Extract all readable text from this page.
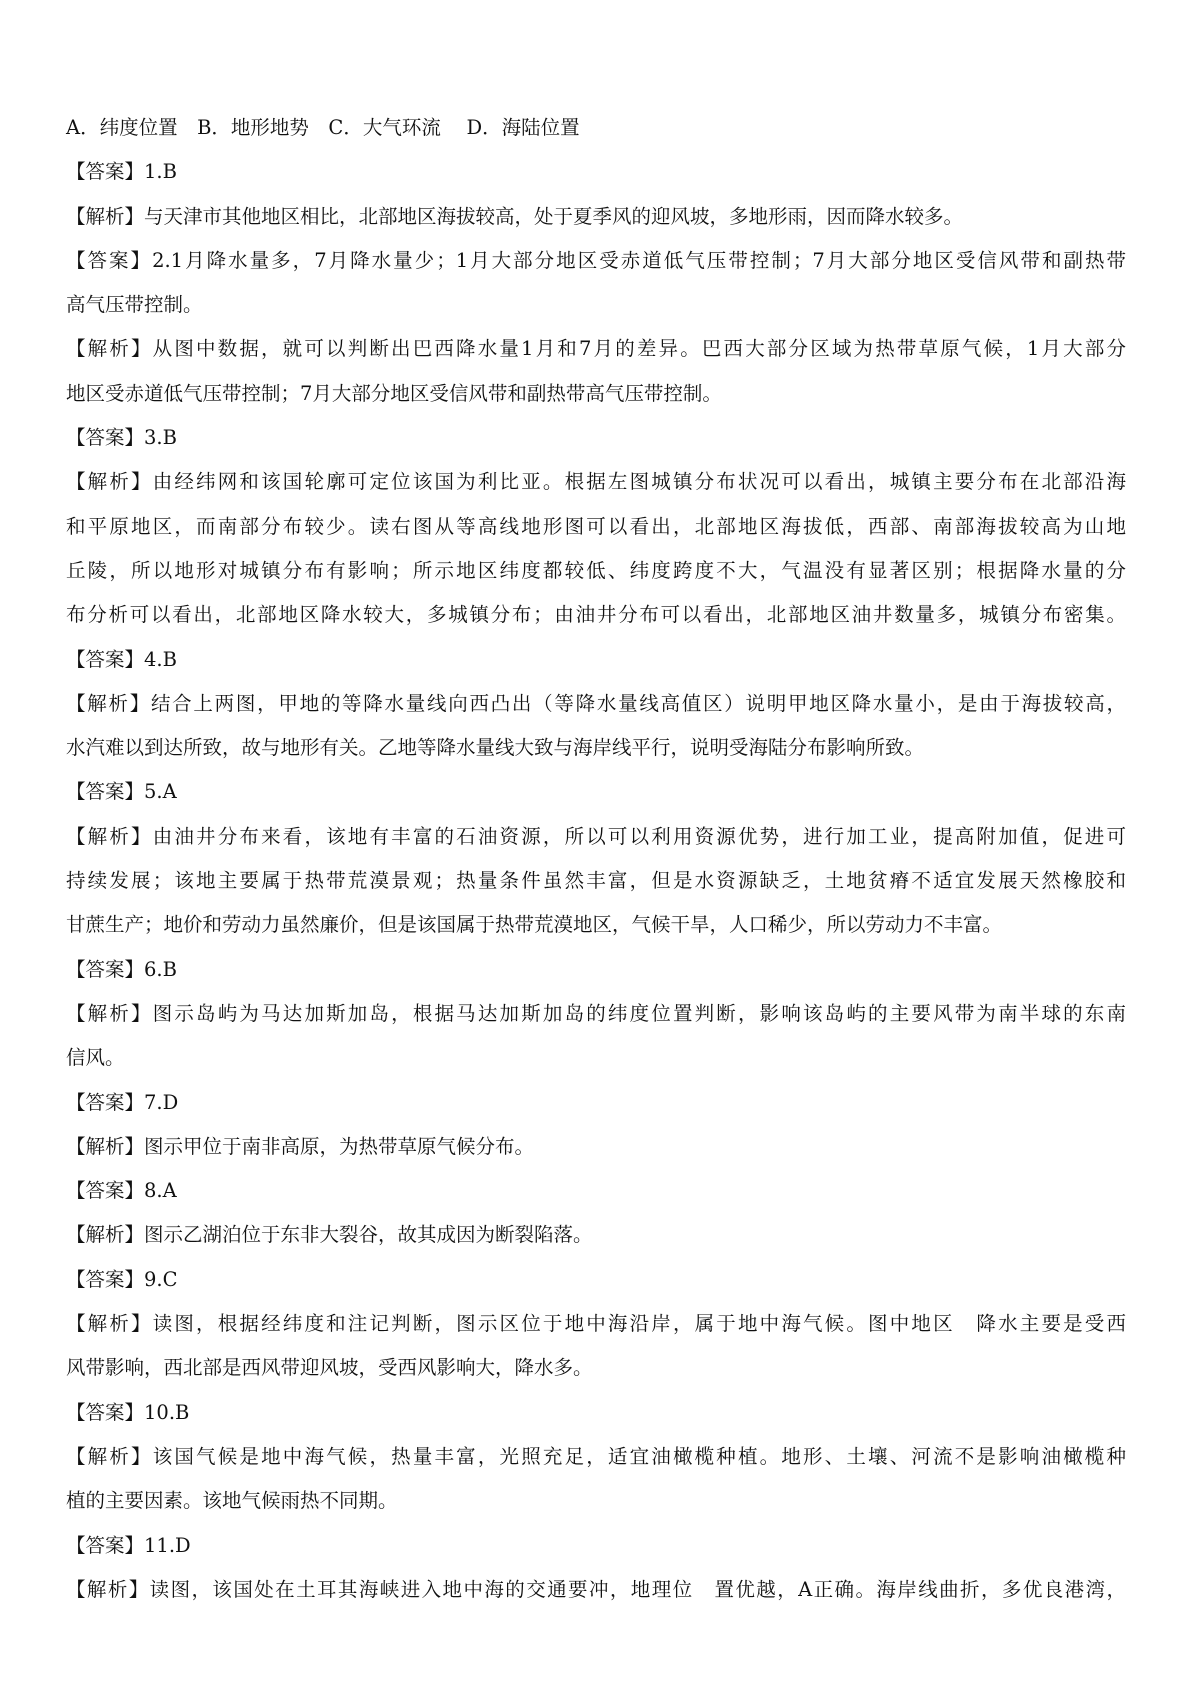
A．纬度位置　B．地形地势　C．大气环流　 D．海陆位置
【答案】1.B
【解析】与天津市其他地区相比，北部地区海拔较高，处于夏季风的迎风坡，多地形雨，因而降水较多。
【答案】2.1月降水量多，7月降水量少；1月大部分地区受赤道低气压带控制；7月大部分地区受信风带和副热带
高气压带控制。
【解析】从图中数据，就可以判断出巴西降水量1月和7月的差异。巴西大部分区域为热带草原气候，1月大部分
地区受赤道低气压带控制；7月大部分地区受信风带和副热带高气压带控制。
【答案】3.B
【解析】由经纬网和该国轮廓可定位该国为利比亚。根据左图城镇分布状况可以看出，城镇主要分布在北部沿海
和平原地区，而南部分布较少。读右图从等高线地形图可以看出，北部地区海拔低，西部、南部海拔较高为山地
丘陵，所以地形对城镇分布有影响；所示地区纬度都较低、纬度跨度不大，气温没有显著区别；根据降水量的分
布分析可以看出，北部地区降水较大，多城镇分布；由油井分布可以看出，北部地区油井数量多，城镇分布密集。
【答案】4.B
【解析】结合上两图，甲地的等降水量线向西凸出（等降水量线高值区）说明甲地区降水量小，是由于海拔较高，
水汽难以到达所致，故与地形有关。乙地等降水量线大致与海岸线平行，说明受海陆分布影响所致。
【答案】5.A
【解析】由油井分布来看，该地有丰富的石油资源，所以可以利用资源优势，进行加工业，提高附加值，促进可
持续发展；该地主要属于热带荒漠景观；热量条件虽然丰富，但是水资源缺乏，土地贫瘠不适宜发展天然橡胶和
甘蔗生产；地价和劳动力虽然廉价，但是该国属于热带荒漠地区，气候干旱，人口稀少，所以劳动力不丰富。
【答案】6.B
【解析】图示岛屿为马达加斯加岛，根据马达加斯加岛的纬度位置判断，影响该岛屿的主要风带为南半球的东南
信风。
【答案】7.D
【解析】图示甲位于南非高原，为热带草原气候分布。
【答案】8.A
【解析】图示乙湖泊位于东非大裂谷，故其成因为断裂陷落。
【答案】9.C
【解析】读图，根据经纬度和注记判断，图示区位于地中海沿岸，属于地中海气候。图中地区　降水主要是受西
风带影响，西北部是西风带迎风坡，受西风影响大，降水多。
【答案】10.B
【解析】该国气候是地中海气候，热量丰富，光照充足，适宜油橄榄种植。地形、土壤、河流不是影响油橄榄种
植的主要因素。该地气候雨热不同期。
【答案】11.D
【解析】读图，该国处在土耳其海峡进入地中海的交通要冲，地理位　置优越，A正确。海岸线曲折，多优良港湾，
